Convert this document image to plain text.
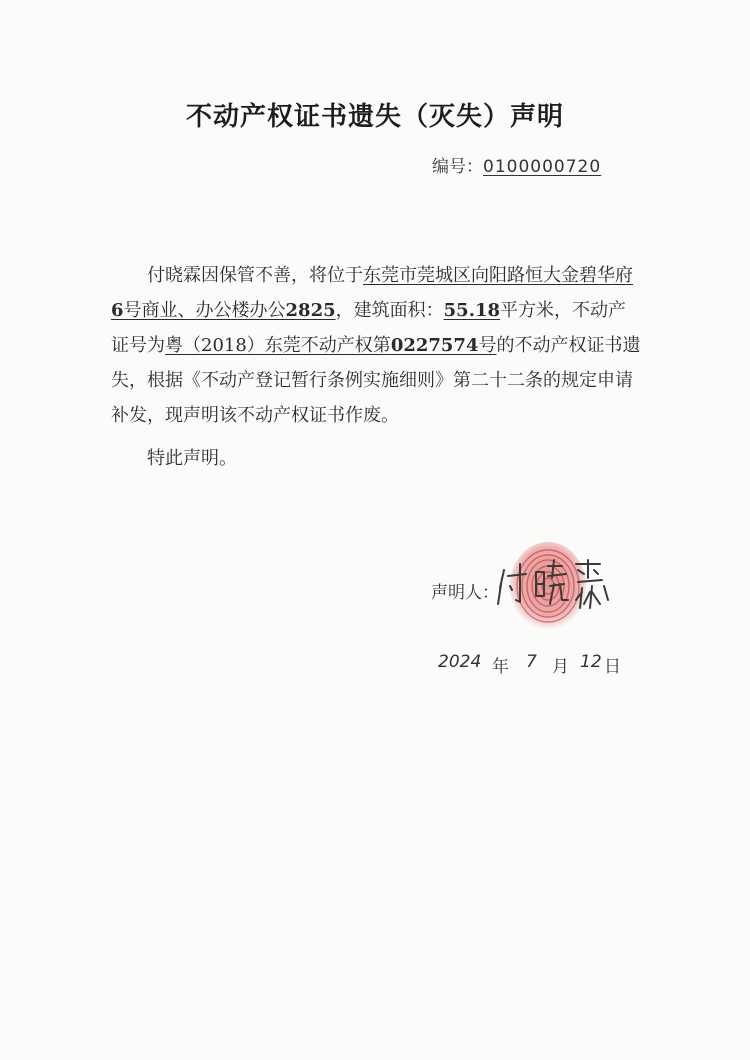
不动产权证书遗失（灭失）声明
编号：0100000720

付晓霖因保管不善，将位于东莞市莞城区向阳路恒大金碧华府6号商业、办公楼办公2825，建筑面积：55.18平方米，不动产证号为粤（2018）东莞不动产权第0227574号的不动产权证书遗失，根据《不动产登记暂行条例实施细则》第二十二条的规定申请补发，现声明该不动产权证书作废。

特此声明。

声明人：
2024 年 7 月 12 日
